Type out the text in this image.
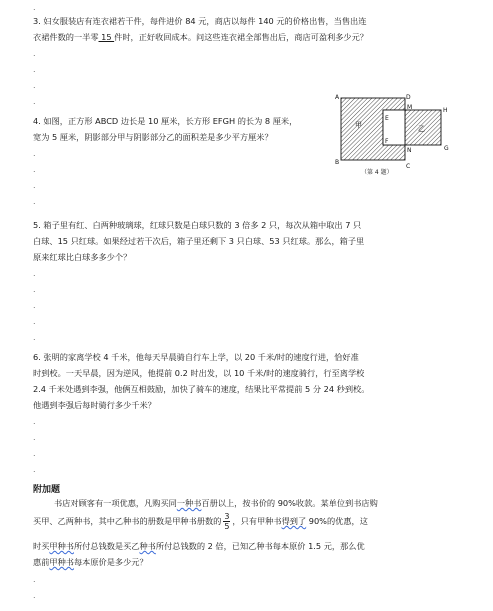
.
3. 妇女服装店有连衣裙若干件，每件进价 84 元，商店以每件 140 元的价格出售，当售出连
衣裙件数的一半零 15 件时，正好收回成本。问这些连衣裙全部售出后，商店可盈利多少元？
.
.
.
.
4. 如图，正方形 ABCD 边长是 10 厘米，长方形 EFGH 的长为 8 厘米，
宽为 5 厘米，阴影部分甲与阴影部分乙的面积差是多少平方厘米？
.
.
.
.
A	D
B
C
E
F
G
H
M
N
甲	乙
（第 4 题）
5. 箱子里有红、白两种玻璃球，红球只数是白球只数的 3 倍多 2 只，每次从箱中取出 7 只
白球、15 只红球。如果经过若干次后，箱子里还剩下 3 只白球、53 只红球。那么，箱子里
原来红球比白球多多少个？
.
.
.
.
.
6. 张明的家离学校 4 千米，他每天早晨骑自行车上学，以 20 千米/时的速度行进，恰好准
时到校。一天早晨，因为逆风，他提前 0.2 时出发，以 10 千米/时的速度骑行，行至离学校
2.4 千米处遇到李强，他俩互相鼓励，加快了骑车的速度，结果比平常提前 5 分 24 秒到校。
他遇到李强后每时骑行多少千米？
.
.
.
.
附加题
书店对顾客有一项优惠，凡购买同一种书百册以上，按书价的 90%收款。某单位到书店购
买甲、乙两种书，其中乙种书的册数是甲种书册数的 $\frac{3}{5}$ ，只有甲种书得到了 90%的优惠，这
时买甲种书所付总钱数是买乙种书所付总钱数的 2 倍，已知乙种书每本原价 1.5 元，那么优
惠前甲种书每本原价是多少元？
.
.
